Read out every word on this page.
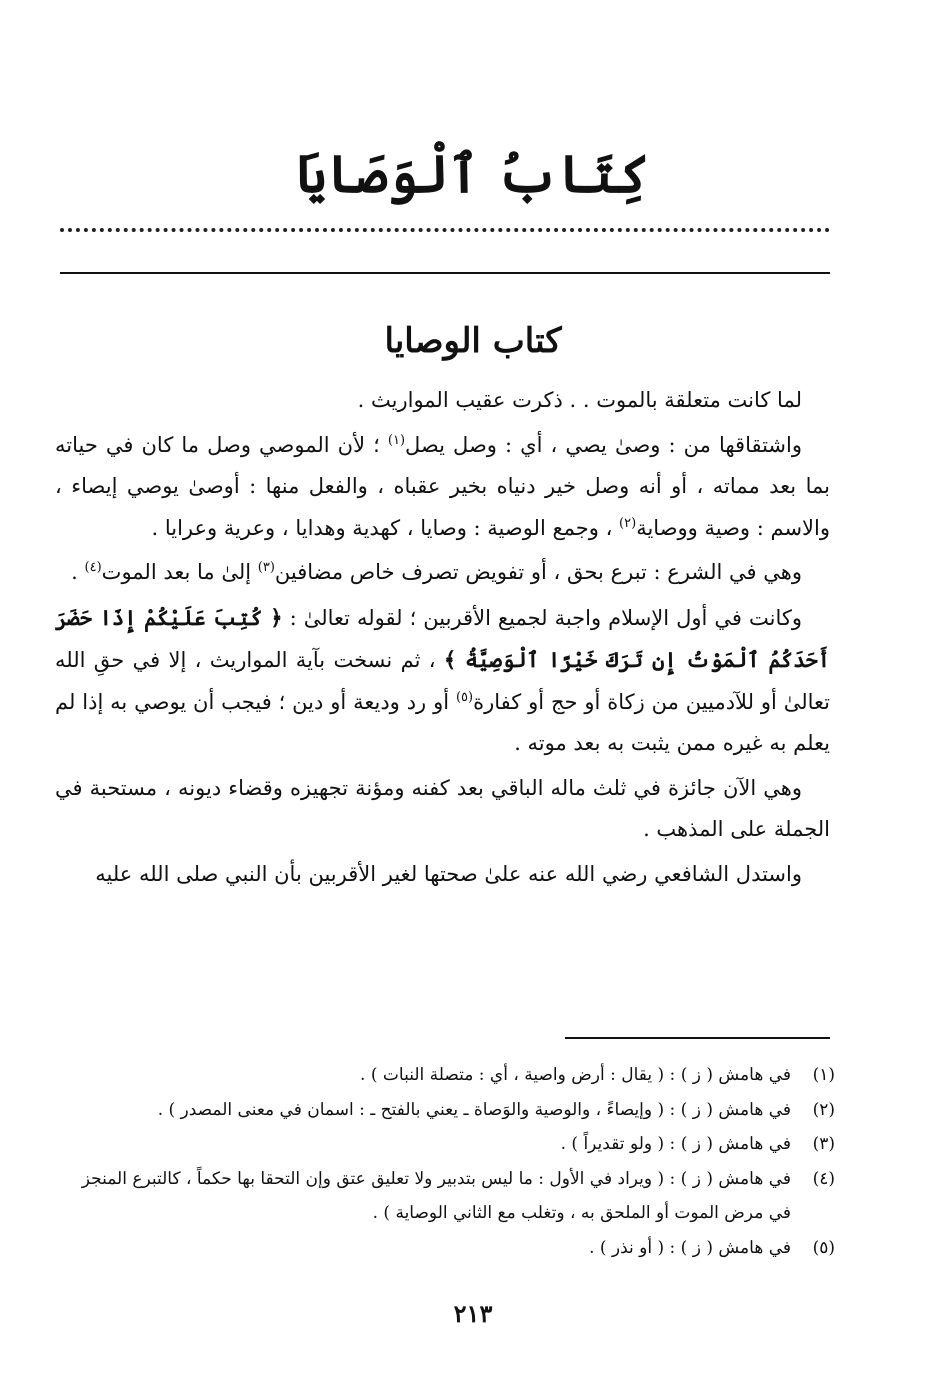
كِتَابُ ٱلْوَصَايَا
كتاب الوصايا

لما كانت متعلقة بالموت . . ذكرت عقيب المواريث .

واشتقاقها من : وصىٰ يصي ، أي : وصل يصل$^{(١)}$ ؛ لأن الموصي وصل ما كان في حياته بما بعد مماته ، أو أنه وصل خير دنياه بخير عقباه ، والفعل منها : أوصىٰ يوصي إيصاء ، والاسم : وصية ووصاية$^{(٢)}$ ، وجمع الوصية : وصايا ، كهدية وهدايا ، وعرية وعرايا .

وهي في الشرع : تبرع بحق ، أو تفويض تصرف خاص مضافين$^{(٣)}$ إلىٰ ما بعد الموت$^{(٤)}$ .

وكانت في أول الإسلام واجبة لجميع الأقربين ؛ لقوله تعالىٰ : ﴿ كُتِبَ عَلَيْكُمْ إِذَا حَضَرَ أَحَدَكُمُ ٱلْمَوْتُ إِن تَرَكَ خَيْرًا ٱلْوَصِيَّةُ ﴾ ، ثم نسخت بآية المواريث ، إلا في حقِ الله تعالىٰ أو للآدميين من زكاة أو حج أو كفارة$^{(٥)}$ أو رد وديعة أو دين ؛ فيجب أن يوصي به إذا لم يعلم به غيره ممن يثبت به بعد موته .

وهي الآن جائزة في ثلث ماله الباقي بعد كفنه ومؤنة تجهيزه وقضاء ديونه ، مستحبة في الجملة على المذهب .

واستدل الشافعي رضي الله عنه علىٰ صحتها لغير الأقربين بأن النبي صلى الله عليه

(١)
في هامش ( ز ) : ( يقال : أرض واصية ، أي : متصلة النبات ) .
(٢)
في هامش ( ز ) : ( وإيصاءً ، والوصية والوَصاة ـ يعني بالفتح ـ : اسمان في معنى المصدر ) .
(٣)
في هامش ( ز ) : ( ولو تقديراً ) .
(٤)
في هامش ( ز ) : ( ويراد في الأول : ما ليس بتدبير ولا تعليق عتق وإن التحقا بها حكماً ، كالتبرع المنجز في مرض الموت أو الملحق به ، وتغلب مع الثاني الوصاية ) .
(٥)
في هامش ( ز ) : ( أو نذر ) .
٢١٣
